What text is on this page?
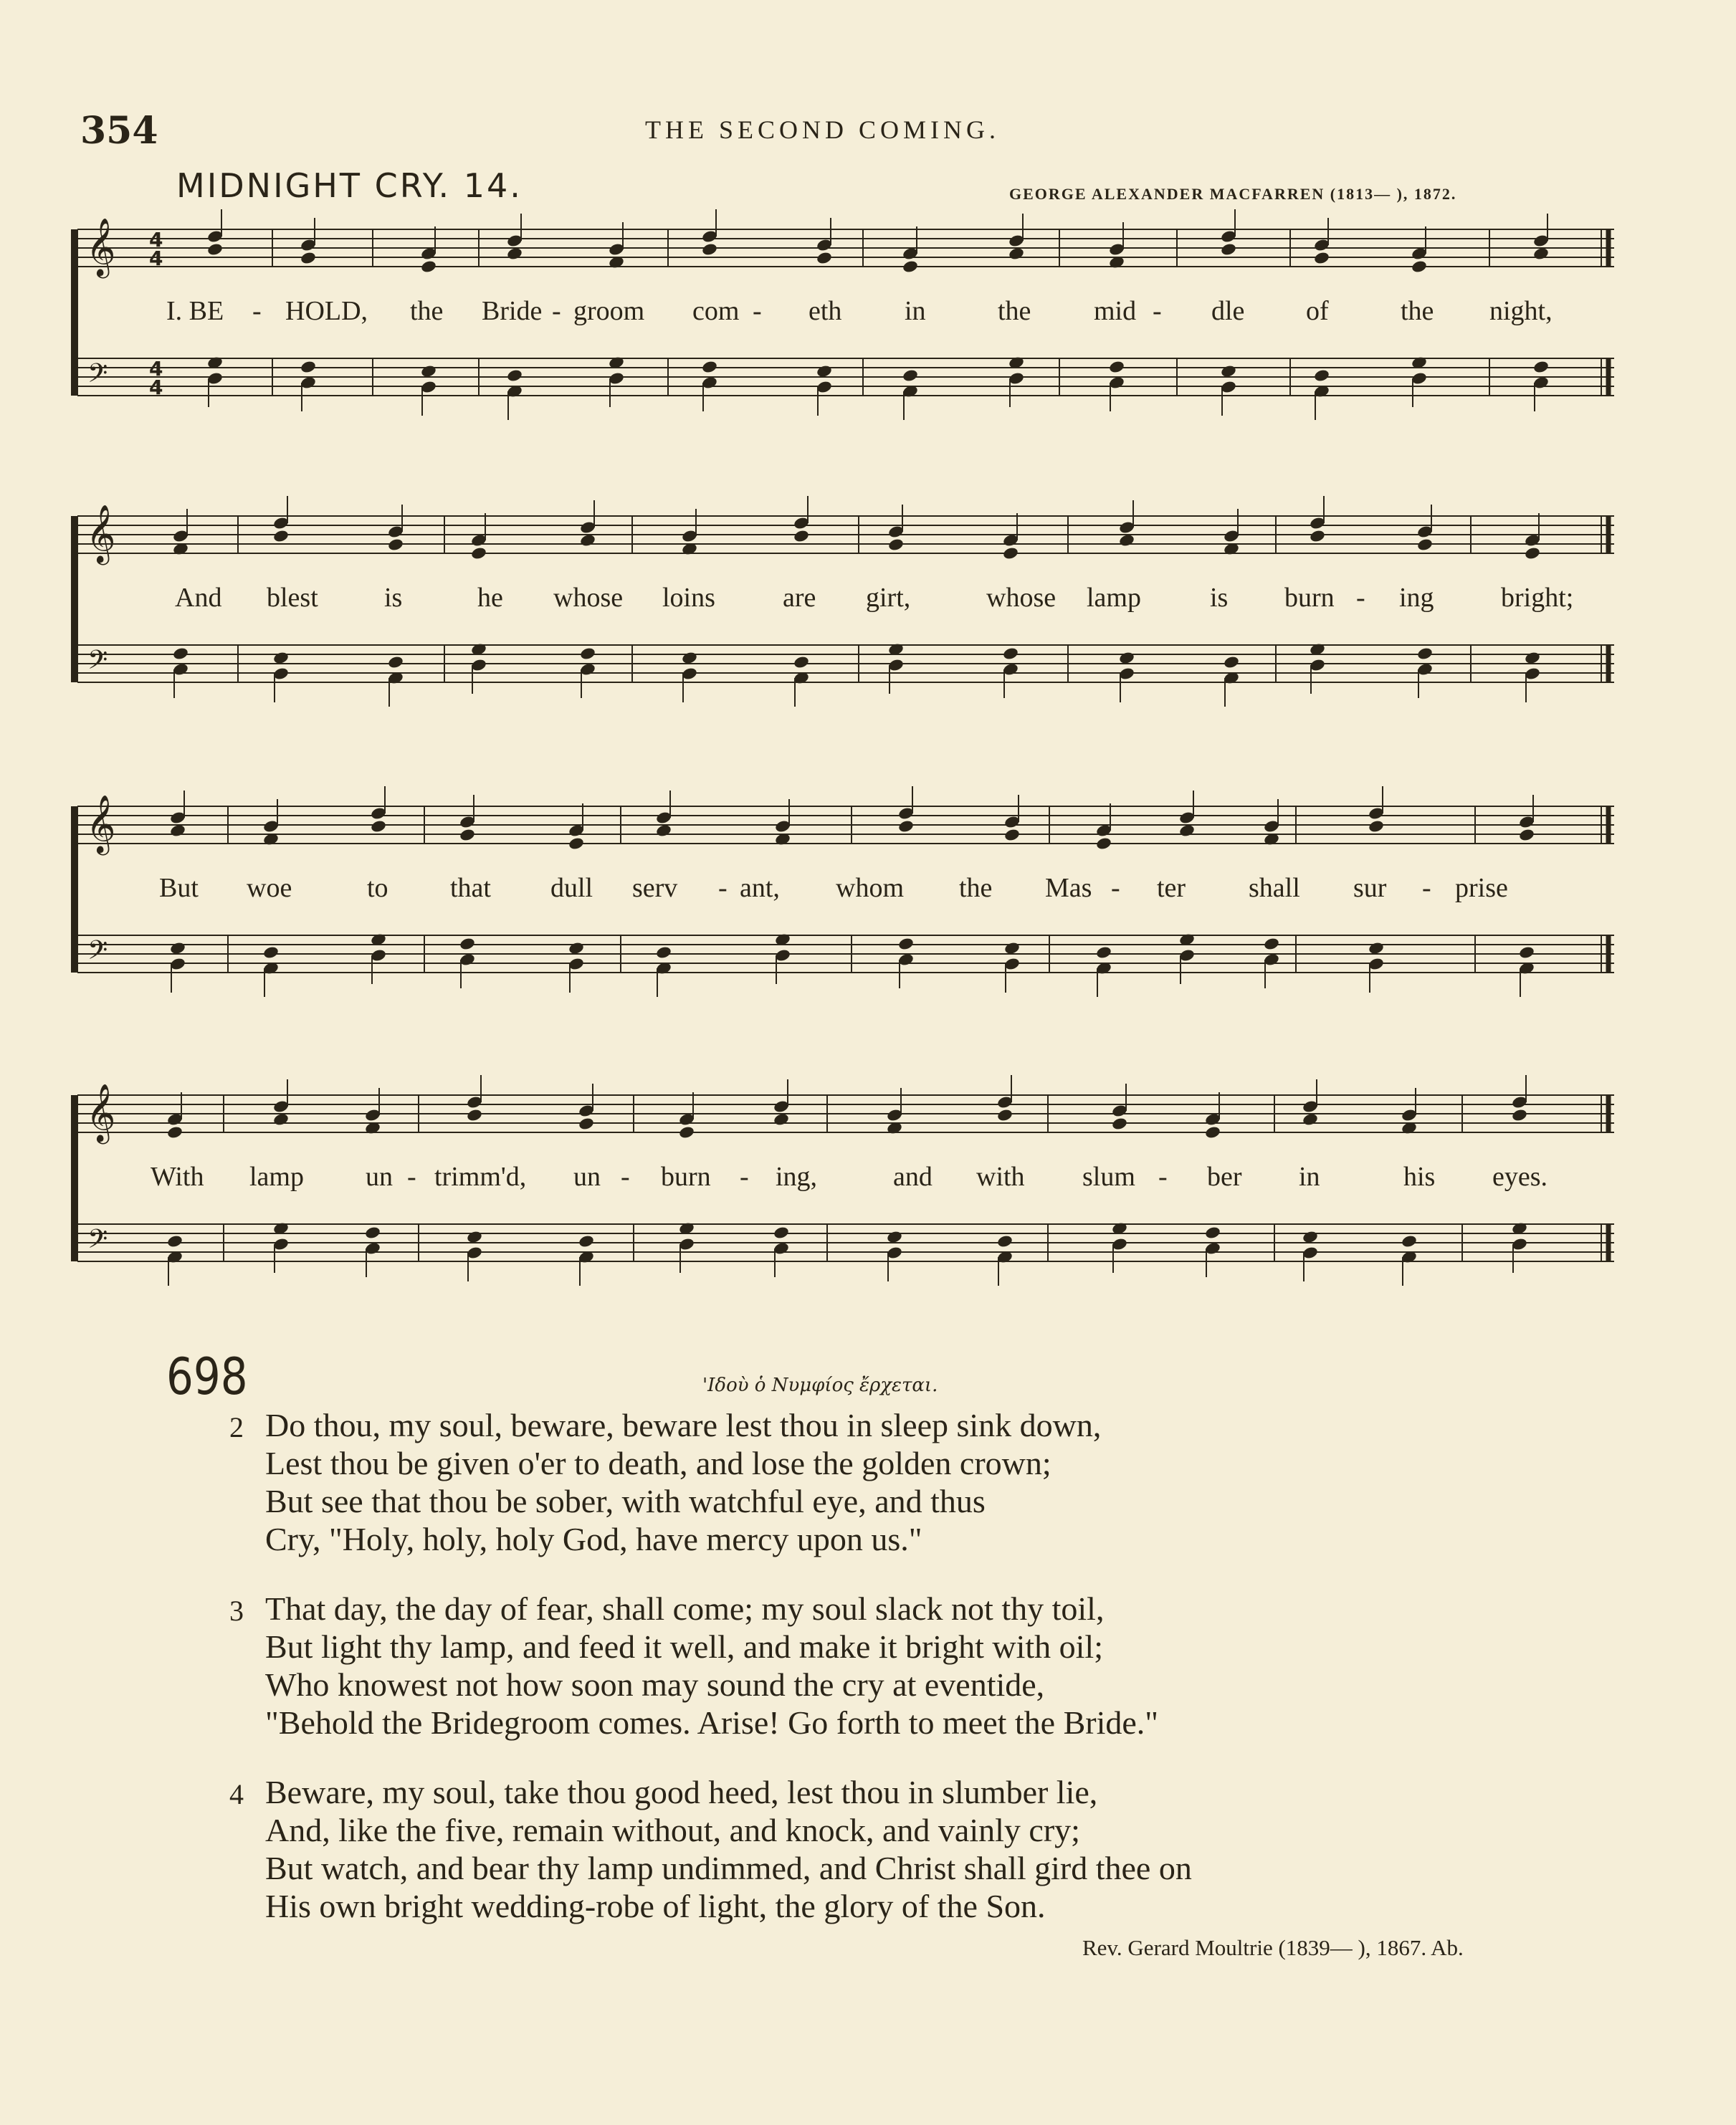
354	THE SECOND COMING.
MIDNIGHT CRY. 14.	GEORGE ALEXANDER MACFARREN (1813— ), 1872.
𝄞 4
4
𝄢 4
4
I. BE - HOLD, the Bride - groom com - eth in	the mid - dle of	the night,
𝄞
𝄢
And blest is	he whose loins are girt,	whose lamp	is burn - ing bright;
𝄞
𝄢
But woe	to that dull serv - ant, whom the Mas - ter shall sur - prise
𝄞
𝄢
With lamp un - trimm'd, un - burn - ing,	and with slum - ber in	his eyes.
698	'Ιδοὺ ὁ Νυμφίος ἔρχεται.
2 Do thou, my soul, beware, beware lest thou in sleep sink down,
Lest thou be given o'er to death, and lose the golden crown;
But see that thou be sober, with watchful eye, and thus
Cry, "Holy, holy, holy God, have mercy upon us."
3 That day, the day of fear, shall come; my soul slack not thy toil,
But light thy lamp, and feed it well, and make it bright with oil;
Who knowest not how soon may sound the cry at eventide,
"Behold the Bridegroom comes. Arise! Go forth to meet the Bride."
4 Beware, my soul, take thou good heed, lest thou in slumber lie,
And, like the five, remain without, and knock, and vainly cry;
But watch, and bear thy lamp undimmed, and Christ shall gird thee on
His own bright wedding-robe of light, the glory of the Son.
Rev. Gerard Moultrie (1839— ), 1867. Ab.
